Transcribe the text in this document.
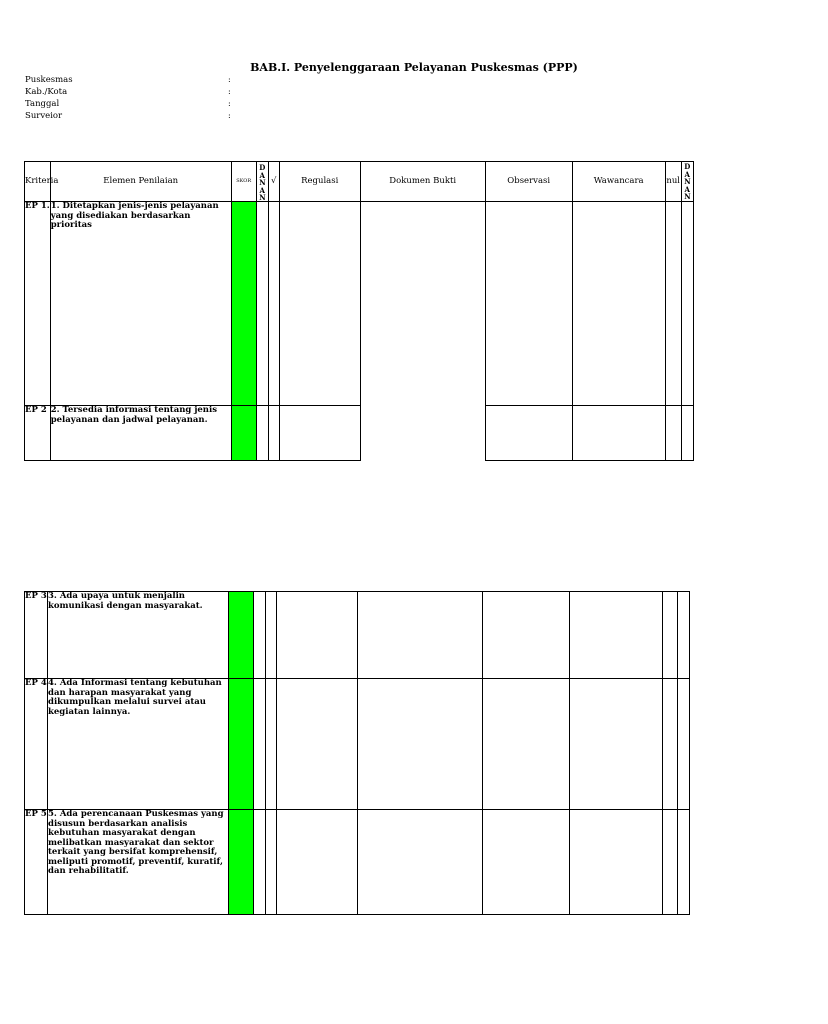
BAB.I. Penyelenggaraan Pelayanan Puskesmas (PPP)
Puskesmas	:
Kab./Kota	:
Tanggal	:
Surveior	:
Kriteria	Elemen Penilaian	SKOR	D A N A N	√	Regulasi	Dokumen Bukti	Observasi	Wawancara	nul	D A N A N

EP 1.	1. Ditetapkan jenis-jenis pelayanan yang disediakan berdasarkan prioritas									
EP 2	2. Tersedia informasi tentang jenis pelayanan dan jadwal pelayanan.									
EP 3	3. Ada upaya untuk menjalin komunikasi dengan masyarakat.									
EP 4	4. Ada Informasi tentang kebutuhan dan harapan masyarakat yang dikumpulkan melalui survei atau kegiatan lainnya.									
EP 5	5. Ada perencanaan Puskesmas yang disusun berdasarkan analisis kebutuhan masyarakat dengan melibatkan masyarakat dan sektor terkait yang bersifat komprehensif, meliputi promotif, preventif, kuratif, dan rehabilitatif.									
